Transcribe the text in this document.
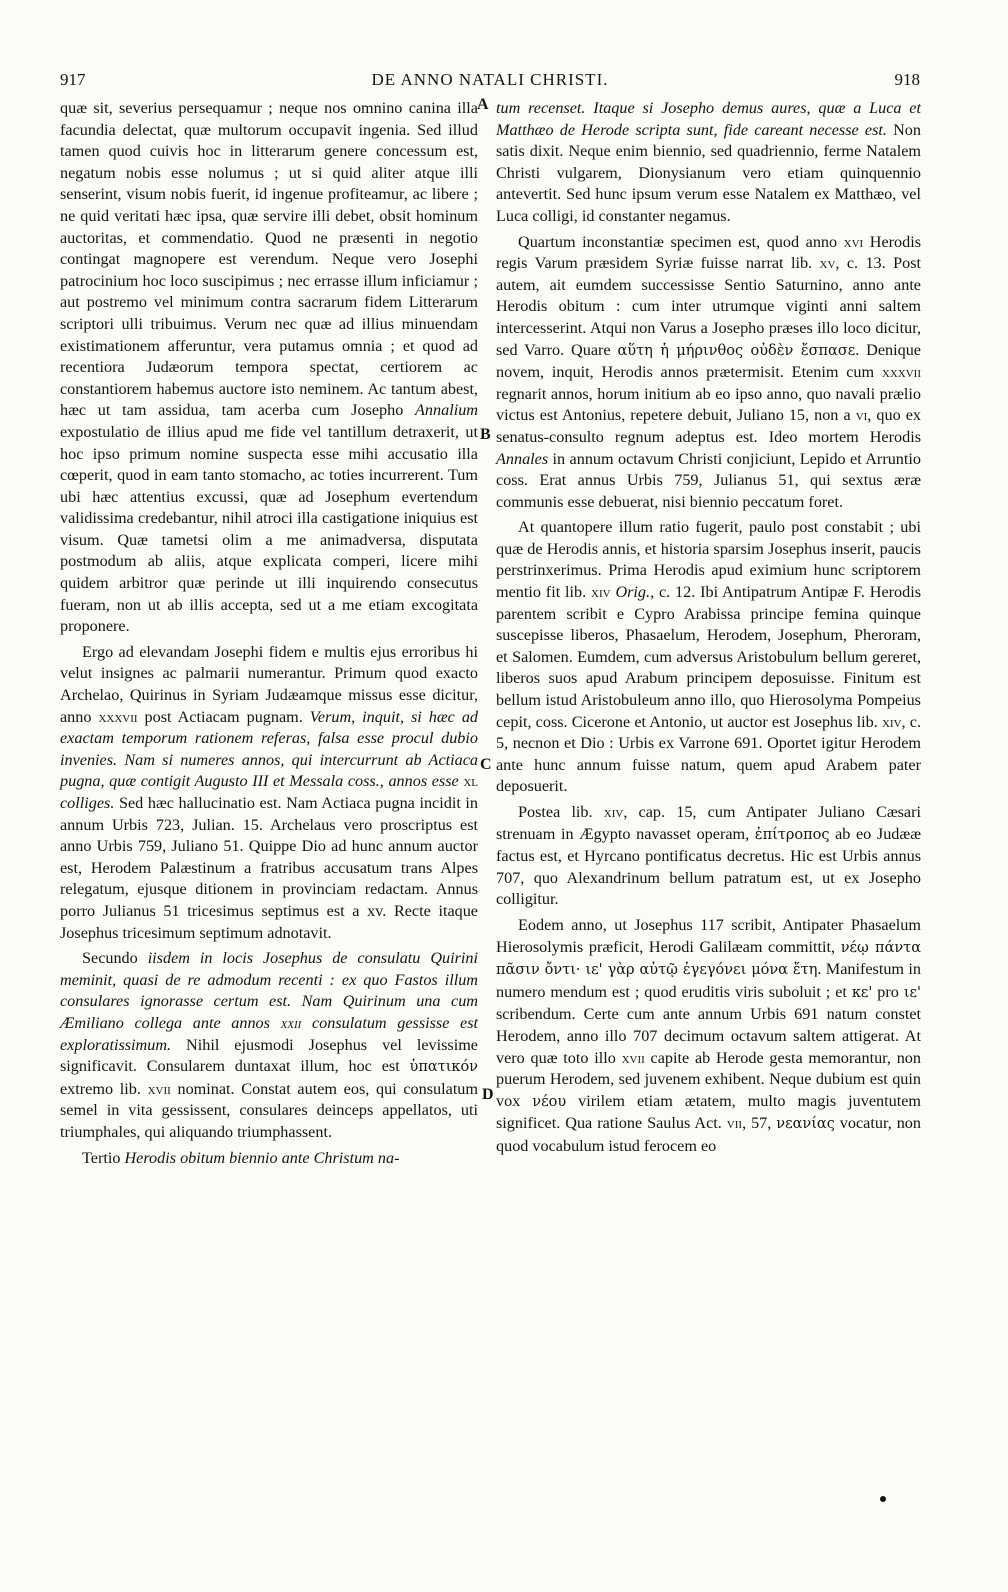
917	DE ANNO NATALI CHRISTI.	918
A
B
C
D

quæ sit, severius persequamur ; neque nos omnino canina illa facundia delectat, quæ multorum occupavit ingenia. Sed illud tamen quod cuivis hoc in litterarum genere concessum est, negatum nobis esse nolumus ; ut si quid aliter atque illi senserint, visum nobis fuerit, id ingenue profiteamur, ac libere ; ne quid veritati hæc ipsa, quæ servire illi debet, obsit hominum auctoritas, et commendatio. Quod ne præsenti in negotio contingat magnopere est verendum. Neque vero Josephi patrocinium hoc loco suscipimus ; nec errasse illum inficiamur ; aut postremo vel minimum contra sacrarum fidem Litterarum scriptori ulli tribuimus. Verum nec quæ ad illius minuendam existimationem afferuntur, vera putamus omnia ; et quod ad recentiora Judæorum tempora spectat, certiorem ac constantiorem habemus auctore isto neminem. Ac tantum abest, hæc ut tam assidua, tam acerba cum Josepho Annalium expostulatio de illius apud me fide vel tantillum detraxerit, ut hoc ipso primum nomine suspecta esse mihi accusatio illa cœperit, quod in eam tanto stomacho, ac toties incurrerent. Tum ubi hæc attentius excussi, quæ ad Josephum evertendum validissima credebantur, nihil atroci illa castigatione iniquius est visum. Quæ tametsi olim a me animadversa, disputata postmodum ab aliis, atque explicata comperi, licere mihi quidem arbitror quæ perinde ut illi inquirendo consecutus fueram, non ut ab illis accepta, sed ut a me etiam excogitata proponere.

Ergo ad elevandam Josephi fidem e multis ejus erroribus hi velut insignes ac palmarii numerantur. Primum quod exacto Archelao, Quirinus in Syriam Judæamque missus esse dicitur, anno xxxvii post Actiacam pugnam. Verum, inquit, si hæc ad exactam temporum rationem referas, falsa esse procul dubio invenies. Nam si numeres annos, qui intercurrunt ab Actiaca pugna, quæ contigit Augusto III et Messala coss., annos esse xl colliges. Sed hæc hallucinatio est. Nam Actiaca pugna incidit in annum Urbis 723, Julian. 15. Archelaus vero proscriptus est anno Urbis 759, Juliano 51. Quippe Dio ad hunc annum auctor est, Herodem Palæstinum a fratribus accusatum trans Alpes relegatum, ejusque ditionem in provinciam redactam. Annus porro Julianus 51 tricesimus septimus est a xv. Recte itaque Josephus tricesimum septimum adnotavit.

Secundo iisdem in locis Josephus de consulatu Quirini meminit, quasi de re admodum recenti : ex quo Fastos illum consulares ignorasse certum est. Nam Quirinum una cum Æmiliano collega ante annos xxii consulatum gessisse est exploratissimum. Nihil ejusmodi Josephus vel levissime significavit. Consularem duntaxat illum, hoc est ὑπατικόν extremo lib. xvii nominat. Constat autem eos, qui consulatum semel in vita gessissent, consulares deinceps appellatos, uti triumphales, qui aliquando triumphassent.

Tertio Herodis obitum biennio ante Christum na-

tum recenset. Itaque si Josepho demus aures, quæ a Luca et Matthæo de Herode scripta sunt, fide careant necesse est. Non satis dixit. Neque enim biennio, sed quadriennio, ferme Natalem Christi vulgarem, Dionysianum vero etiam quinquennio antevertit. Sed hunc ipsum verum esse Natalem ex Matthæo, vel Luca colligi, id constanter negamus.

Quartum inconstantiæ specimen est, quod anno xvi Herodis regis Varum præsidem Syriæ fuisse narrat lib. xv, c. 13. Post autem, ait eumdem successisse Sentio Saturnino, anno ante Herodis obitum : cum inter utrumque viginti anni saltem intercesserint. Atqui non Varus a Josepho præses illo loco dicitur, sed Varro. Quare αὕτη ἡ μήρινθος οὐδὲν ἔσπασε. Denique novem, inquit, Herodis annos prætermisit. Etenim cum xxxvii regnarit annos, horum initium ab eo ipso anno, quo navali prælio victus est Antonius, repetere debuit, Juliano 15, non a vi, quo ex senatus-consulto regnum adeptus est. Ideo mortem Herodis Annales in annum octavum Christi conjiciunt, Lepido et Arruntio coss. Erat annus Urbis 759, Julianus 51, qui sextus æræ communis esse debuerat, nisi biennio peccatum foret.

At quantopere illum ratio fugerit, paulo post constabit ; ubi quæ de Herodis annis, et historia sparsim Josephus inserit, paucis perstrinxerimus. Prima Herodis apud eximium hunc scriptorem mentio fit lib. xiv Orig., c. 12. Ibi Antipatrum Antipæ F. Herodis parentem scribit e Cypro Arabissa principe femina quinque suscepisse liberos, Phasaelum, Herodem, Josephum, Pheroram, et Salomen. Eumdem, cum adversus Aristobulum bellum gereret, liberos suos apud Arabum principem deposuisse. Finitum est bellum istud Aristobuleum anno illo, quo Hierosolyma Pompeius cepit, coss. Cicerone et Antonio, ut auctor est Josephus lib. xiv, c. 5, necnon et Dio : Urbis ex Varrone 691. Oportet igitur Herodem ante hunc annum fuisse natum, quem apud Arabem pater deposuerit.

Postea lib. xiv, cap. 15, cum Antipater Juliano Cæsari strenuam in Ægypto navasset operam, ἐπίτροπος ab eo Judææ factus est, et Hyrcano pontificatus decretus. Hic est Urbis annus 707, quo Alexandrinum bellum patratum est, ut ex Josepho colligitur.

Eodem anno, ut Josephus 117 scribit, Antipater Phasaelum Hierosolymis præficit, Herodi Galilæam committit, νέῳ πάντα πᾶσιν ὄντι· ιε' γὰρ αὐτῷ ἐγεγόνει μόνα ἔτη. Manifestum in numero mendum est ; quod eruditis viris suboluit ; et κε' pro ιε' scribendum. Certe cum ante annum Urbis 691 natum constet Herodem, anno illo 707 decimum octavum saltem attigerat. At vero quæ toto illo xvii capite ab Herode gesta memorantur, non puerum Herodem, sed juvenem exhibent. Neque dubium est quin vox νέου virilem etiam ætatem, multo magis juventutem significet. Qua ratione Saulus Act. vii, 57, νεανίας vocatur, non quod vocabulum istud ferocem eo
